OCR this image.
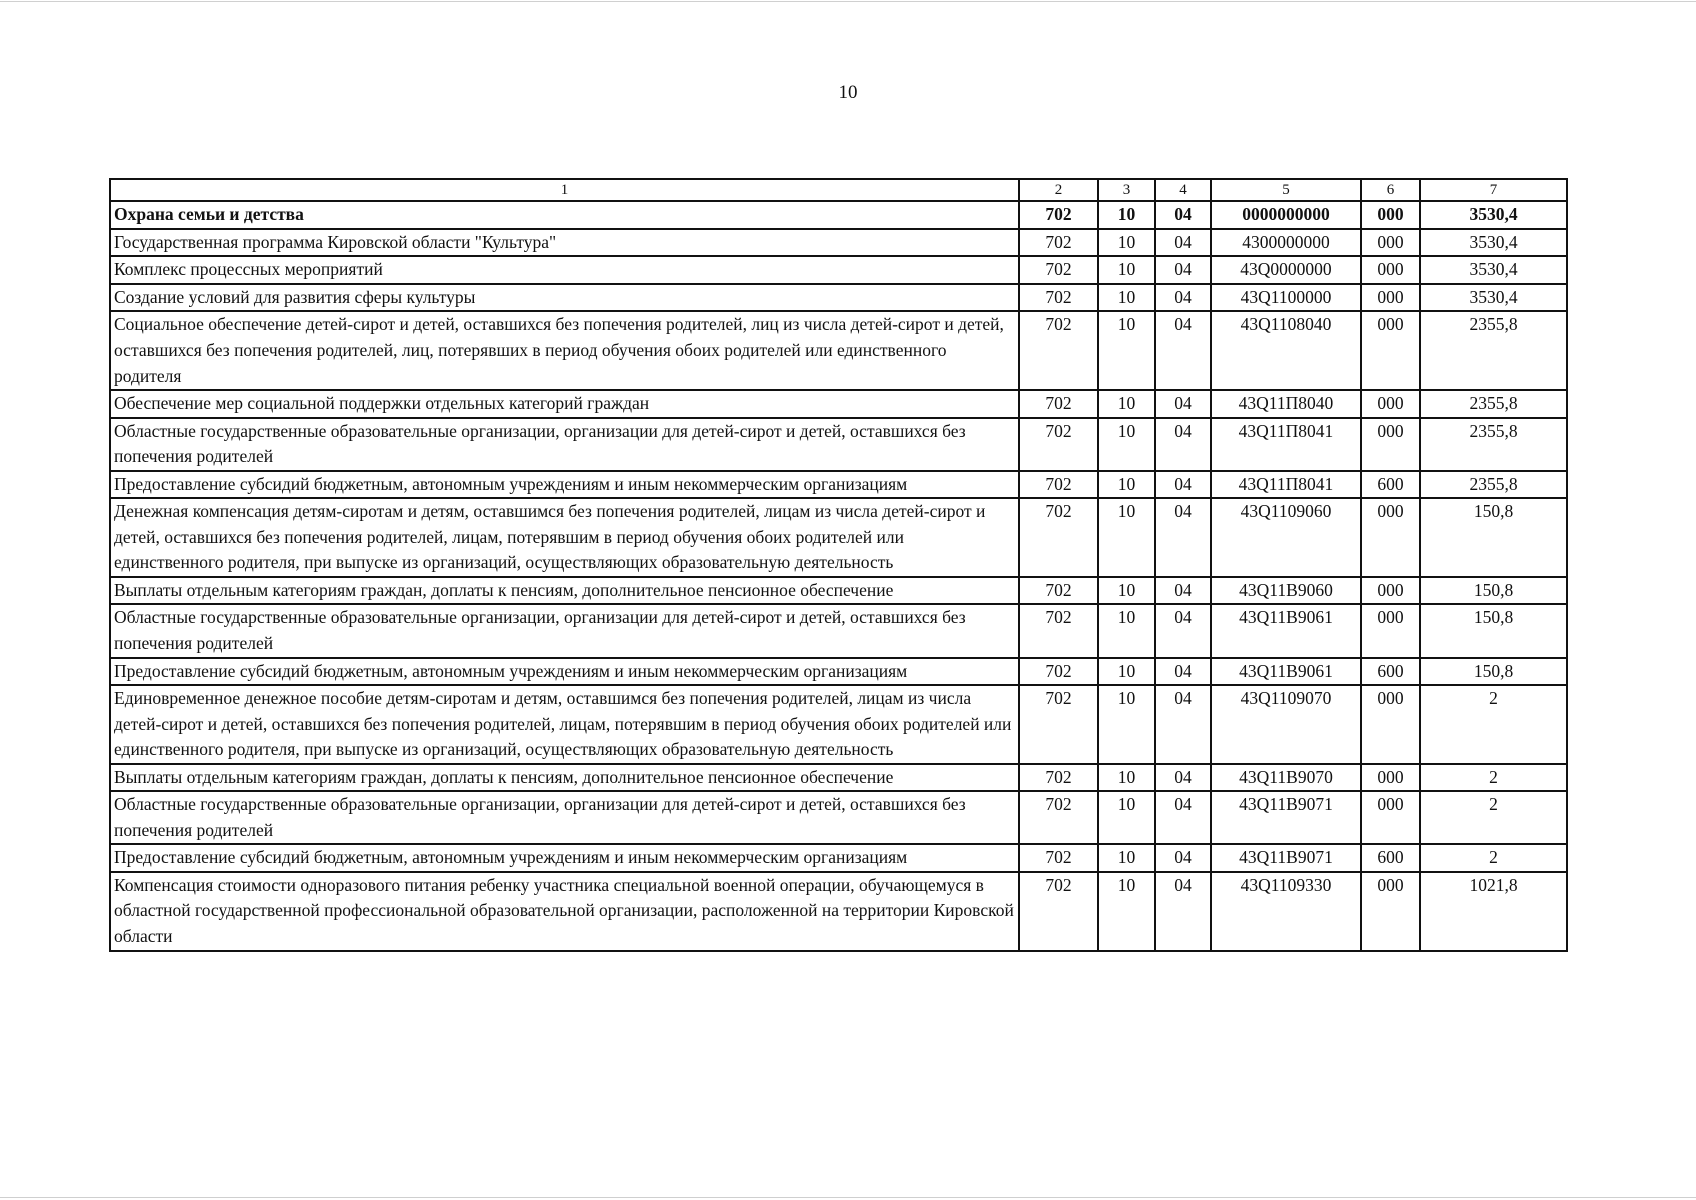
10
1	2	3	4	5	6	7
Охрана семьи и детства	702	10	04	0000000000	000	3530,4
Государственная программа Кировской области "Культура"	702	10	04	4300000000	000	3530,4
Комплекс процессных мероприятий	702	10	04	43Q0000000	000	3530,4
Создание условий для развития сферы культуры	702	10	04	43Q1100000	000	3530,4
Социальное обеспечение детей-сирот и детей, оставшихся без попечения родителей, лиц из числа детей-сирот и детей, оставшихся без попечения родителей, лиц, потерявших в период обучения обоих родителей или единственного родителя	702	10	04	43Q1108040	000	2355,8
Обеспечение мер социальной поддержки отдельных категорий граждан	702	10	04	43Q11П8040	000	2355,8
Областные государственные образовательные организации, организации для детей-сирот и детей, оставшихся без попечения родителей	702	10	04	43Q11П8041	000	2355,8
Предоставление субсидий бюджетным, автономным учреждениям и иным некоммерческим организациям	702	10	04	43Q11П8041	600	2355,8
Денежная компенсация детям-сиротам и детям, оставшимся без попечения родителей, лицам из числа детей-сирот и детей, оставшихся без попечения родителей, лицам, потерявшим в период обучения обоих родителей или единственного родителя, при выпуске из организаций, осуществляющих образовательную деятельность	702	10	04	43Q1109060	000	150,8
Выплаты отдельным категориям граждан, доплаты к пенсиям, дополнительное пенсионное обеспечение	702	10	04	43Q11B9060	000	150,8
Областные государственные образовательные организации, организации для детей-сирот и детей, оставшихся без попечения родителей	702	10	04	43Q11B9061	000	150,8
Предоставление субсидий бюджетным, автономным учреждениям и иным некоммерческим организациям	702	10	04	43Q11B9061	600	150,8
Единовременное денежное пособие детям-сиротам и детям, оставшимся без попечения родителей, лицам из числа детей-сирот и детей, оставшихся без попечения родителей, лицам, потерявшим в период обучения обоих родителей или единственного родителя, при выпуске из организаций, осуществляющих образовательную деятельность	702	10	04	43Q1109070	000	2
Выплаты отдельным категориям граждан, доплаты к пенсиям, дополнительное пенсионное обеспечение	702	10	04	43Q11B9070	000	2
Областные государственные образовательные организации, организации для детей-сирот и детей, оставшихся без попечения родителей	702	10	04	43Q11B9071	000	2
Предоставление субсидий бюджетным, автономным учреждениям и иным некоммерческим организациям	702	10	04	43Q11B9071	600	2
Компенсация стоимости одноразового питания ребенку участника специальной военной операции, обучающемуся в областной государственной профессиональной образовательной организации, расположенной на территории Кировской области	702	10	04	43Q1109330	000	1021,8
